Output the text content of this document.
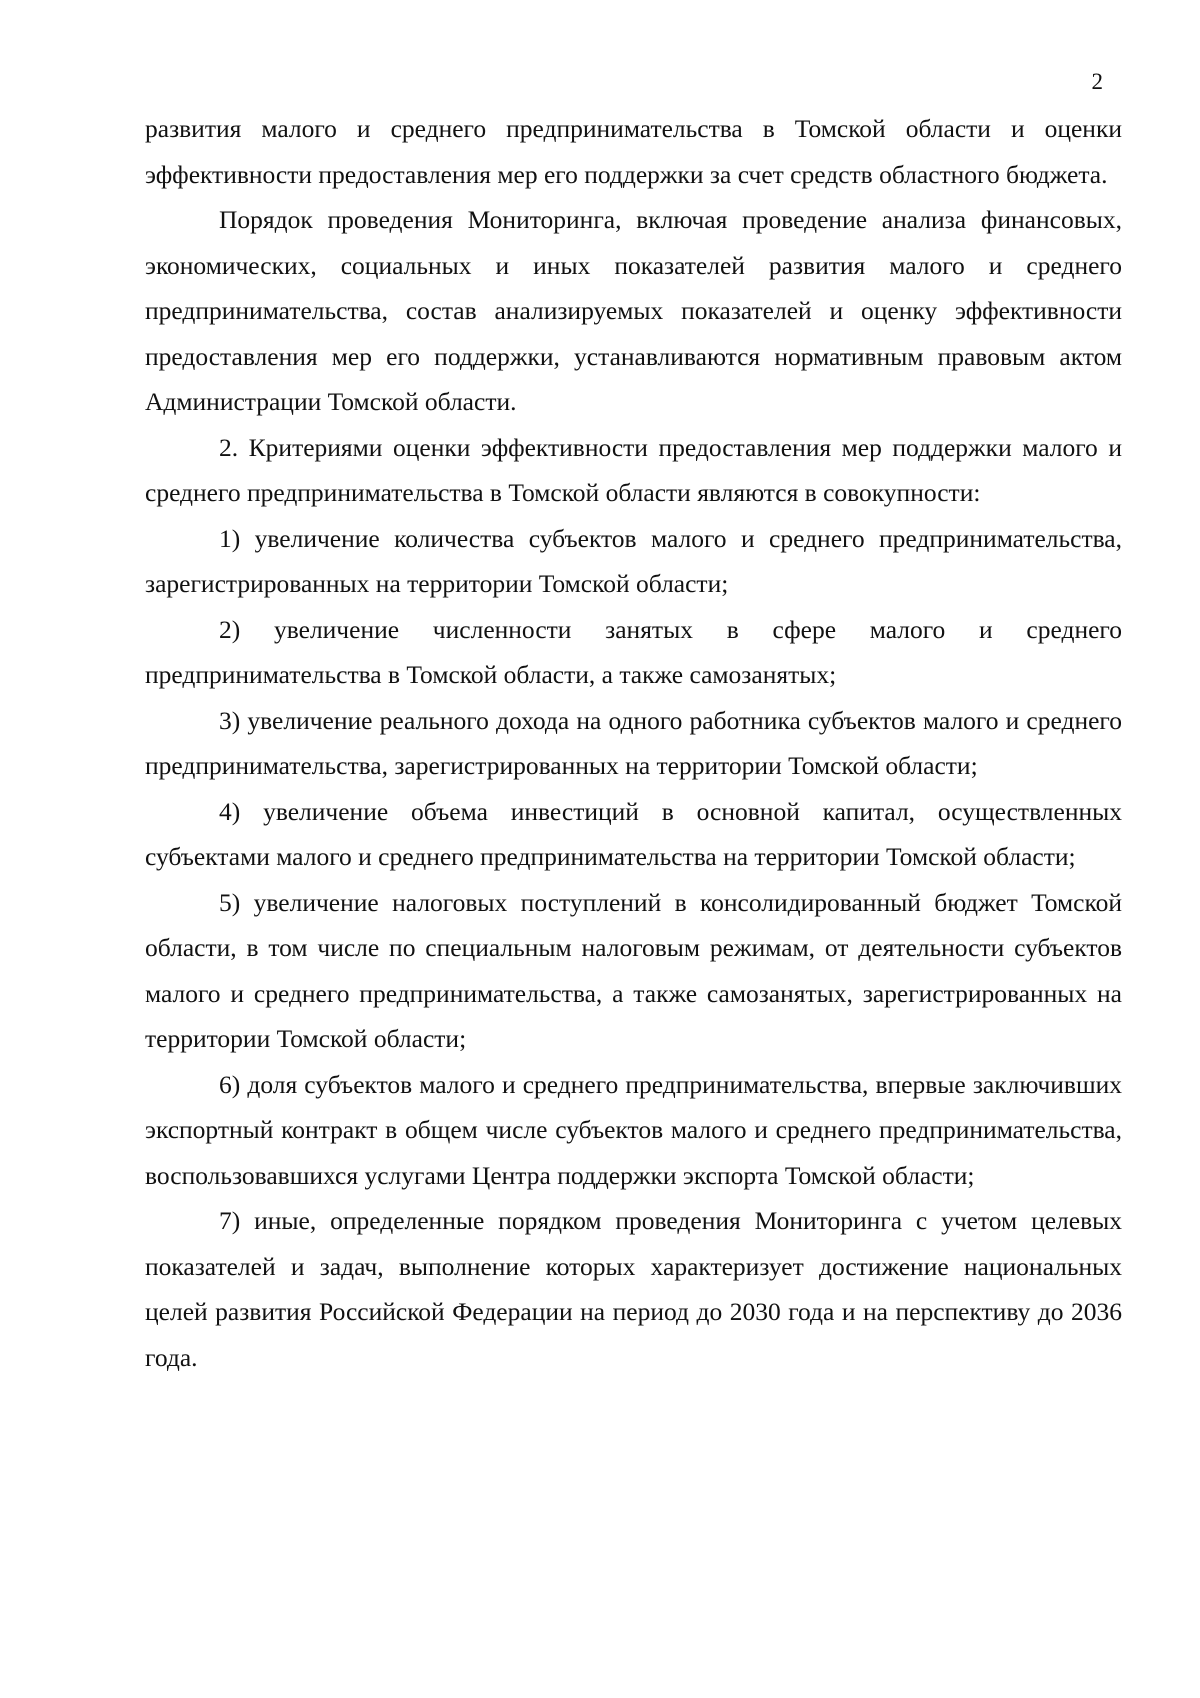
2

развития малого и среднего предпринимательства в Томской области и оценки эффективности предоставления мер его поддержки за счет средств областного бюджета.

Порядок проведения Мониторинга, включая проведение анализа финансовых, экономических, социальных и иных показателей развития малого и среднего предпринимательства, состав анализируемых показателей и оценку эффективности предоставления мер его поддержки, устанавливаются нормативным правовым актом Администрации Томской области.

2. Критериями оценки эффективности предоставления мер поддержки малого и среднего предпринимательства в Томской области являются в совокупности:

1) увеличение количества субъектов малого и среднего предпринимательства, зарегистрированных на территории Томской области;

2) увеличение численности занятых в сфере малого и среднего предпринимательства в Томской области, а также самозанятых;

3) увеличение реального дохода на одного работника субъектов малого и среднего предпринимательства, зарегистрированных на территории Томской области;

4) увеличение объема инвестиций в основной капитал, осуществленных субъектами малого и среднего предпринимательства на территории Томской области;

5) увеличение налоговых поступлений в консолидированный бюджет Томской области, в том числе по специальным налоговым режимам, от деятельности субъектов малого и среднего предпринимательства, а также самозанятых, зарегистрированных на территории Томской области;

6) доля субъектов малого и среднего предпринимательства, впервые заключивших экспортный контракт в общем числе субъектов малого и среднего предпринимательства, воспользовавшихся услугами Центра поддержки экспорта Томской области;

7) иные, определенные порядком проведения Мониторинга с учетом целевых показателей и задач, выполнение которых характеризует достижение национальных целей развития Российской Федерации на период до 2030 года и на перспективу до 2036 года.
